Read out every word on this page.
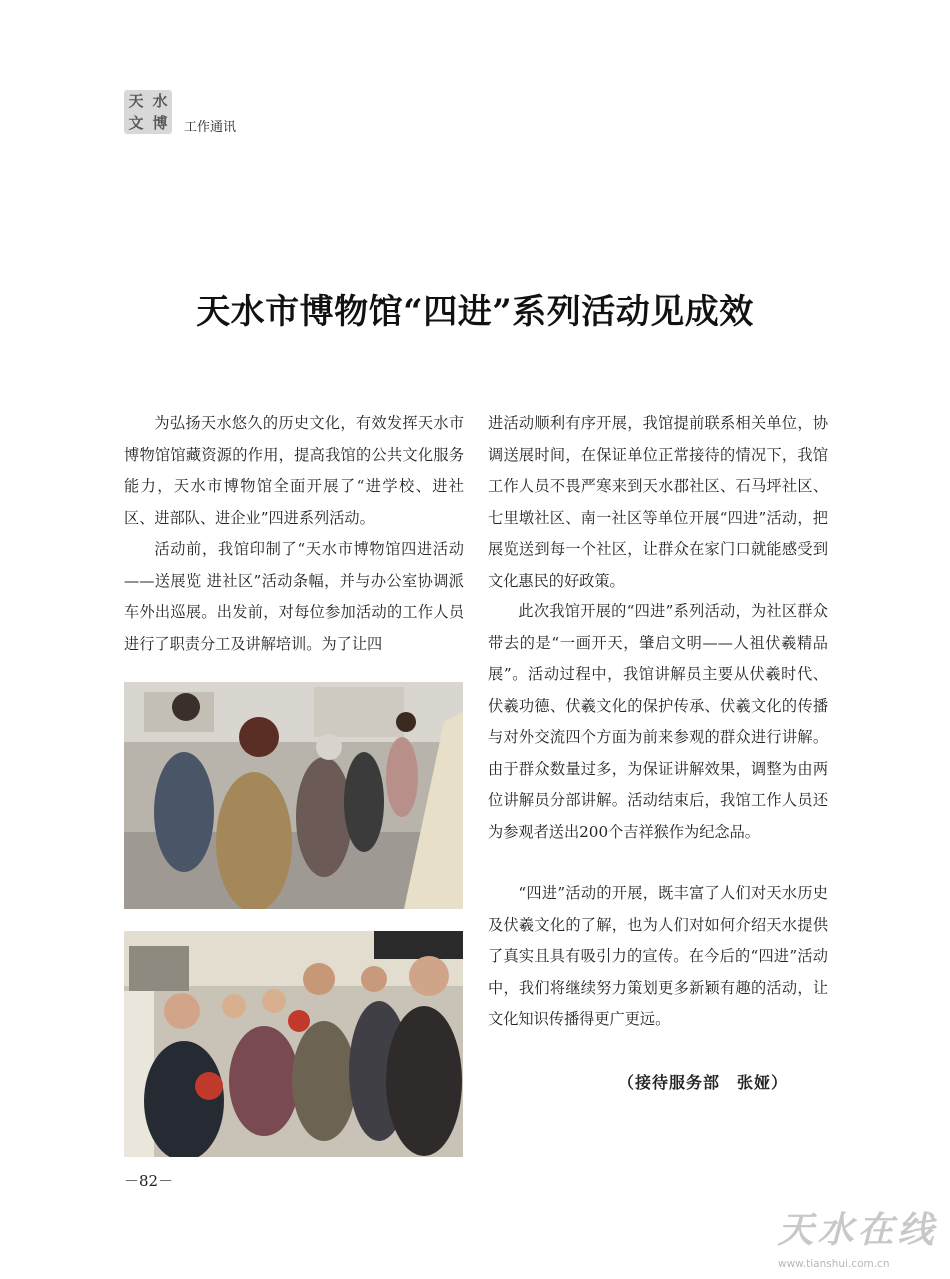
天 水
文 博 工作通讯
天水市博物馆“四进”系列活动见成效

为弘扬天水悠久的历史文化，有效发挥天水市博物馆馆藏资源的作用，提高我馆的公共文化服务能力，天水市博物馆全面开展了“进学校、进社区、进部队、进企业”四进系列活动。

活动前，我馆印制了“天水市博物馆四进活动——送展览 进社区”活动条幅，并与办公室协调派车外出巡展。出发前，对每位参加活动的工作人员进行了职责分工及讲解培训。为了让四

进活动顺利有序开展，我馆提前联系相关单位，协调送展时间，在保证单位正常接待的情况下，我馆工作人员不畏严寒来到天水郡社区、石马坪社区、七里墩社区、南一社区等单位开展“四进”活动，把展览送到每一个社区，让群众在家门口就能感受到文化惠民的好政策。

此次我馆开展的“四进”系列活动，为社区群众带去的是“一画开天，肇启文明——人祖伏羲精品展”。活动过程中，我馆讲解员主要从伏羲时代、伏羲功德、伏羲文化的保护传承、伏羲文化的传播与对外交流四个方面为前来参观的群众进行讲解。由于群众数量过多，为保证讲解效果，调整为由两位讲解员分部讲解。活动结束后，我馆工作人员还为参观者送出200个吉祥猴作为纪念品。

“四进”活动的开展，既丰富了人们对天水历史及伏羲文化的了解，也为人们对如何介绍天水提供了真实且具有吸引力的宣传。在今后的“四进”活动中，我们将继续努力策划更多新颖有趣的活动，让文化知识传播得更广更远。

（接待服务部　张娅）
－82－
天水在线
www.tianshui.com.cn
